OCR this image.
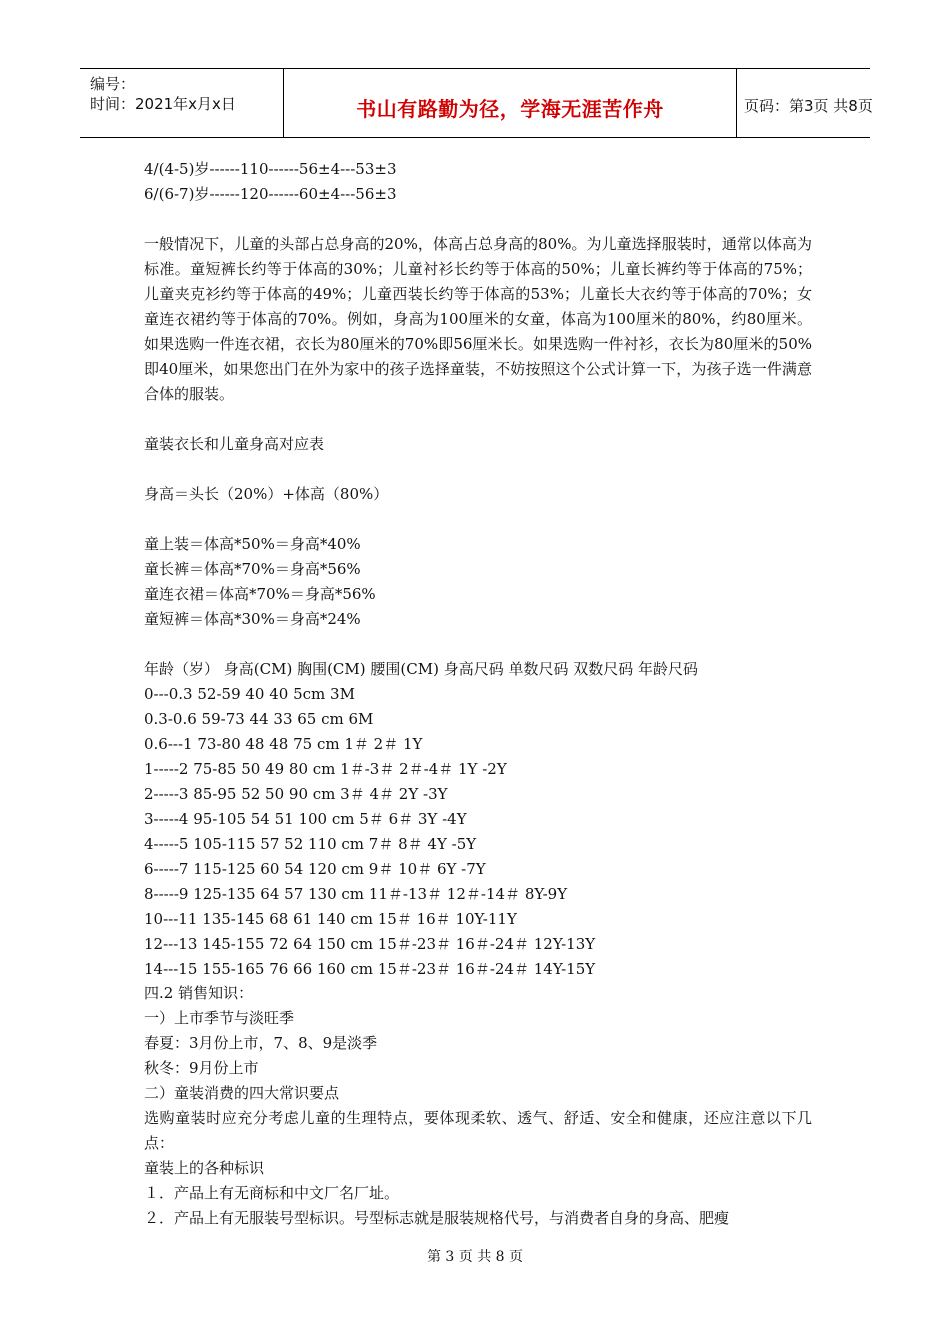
编号：
时间：2021年x月x日	书山有路勤为径，学海无涯苦作舟	页码：第3页 共8页
4/(4-5)岁------110------56±4---53±3
6/(6-7)岁------120------60±4---56±3
一般情况下，儿童的头部占总身高的20%，体高占总身高的80%。为儿童选择服装时，通常以体高为标准。童短裤长约等于体高的30%；儿童衬衫长约等于体高的50%；儿童长裤约等于体高的75%；儿童夹克衫约等于体高的49%；儿童西装长约等于体高的53%；儿童长大衣约等于体高的70%；女童连衣裙约等于体高的70%。例如，身高为100厘米的女童，体高为100厘米的80%，约80厘米。如果选购一件连衣裙，衣长为80厘米的70%即56厘米长。如果选购一件衬衫，衣长为80厘米的50%即40厘米，如果您出门在外为家中的孩子选择童装，不妨按照这个公式计算一下，为孩子选一件满意合体的服装。
童装衣长和儿童身高对应表
身高＝头长（20%）+体高（80%）
童上装＝体高*50%＝身高*40%
童长裤＝体高*70%＝身高*56%
童连衣裙＝体高*70%＝身高*56%
童短裤＝体高*30%＝身高*24%
年龄（岁） 身高(CM) 胸围(CM) 腰围(CM) 身高尺码 单数尺码 双数尺码 年龄尺码
0---0.3 52-59 40 40 5cm 3M
0.3-0.6 59-73 44 33 65 cm 6M
0.6---1 73-80 48 48 75 cm 1＃ 2＃ 1Y
1-----2 75-85 50 49 80 cm 1＃-3＃ 2＃-4＃ 1Y -2Y
2-----3 85-95 52 50 90 cm 3＃ 4＃ 2Y -3Y
3-----4 95-105 54 51 100 cm 5＃ 6＃ 3Y -4Y
4-----5 105-115 57 52 110 cm 7＃ 8＃ 4Y -5Y
6-----7 115-125 60 54 120 cm 9＃ 10＃ 6Y -7Y
8-----9 125-135 64 57 130 cm 11＃-13＃ 12＃-14＃ 8Y-9Y
10---11 135-145 68 61 140 cm 15＃ 16＃ 10Y-11Y
12---13 145-155 72 64 150 cm 15＃-23＃ 16＃-24＃ 12Y-13Y
14---15 155-165 76 66 160 cm 15＃-23＃ 16＃-24＃ 14Y-15Y
四.2 销售知识：
一）上市季节与淡旺季
春夏：3月份上市，7、8、9是淡季
秋冬：9月份上市
二）童装消费的四大常识要点
选购童装时应充分考虑儿童的生理特点，要体现柔软、透气、舒适、安全和健康，还应注意以下几点：
童装上的各种标识
１．产品上有无商标和中文厂名厂址。
２．产品上有无服装号型标识。号型标志就是服装规格代号，与消费者自身的身高、肥瘦
第 3 页 共 8 页
